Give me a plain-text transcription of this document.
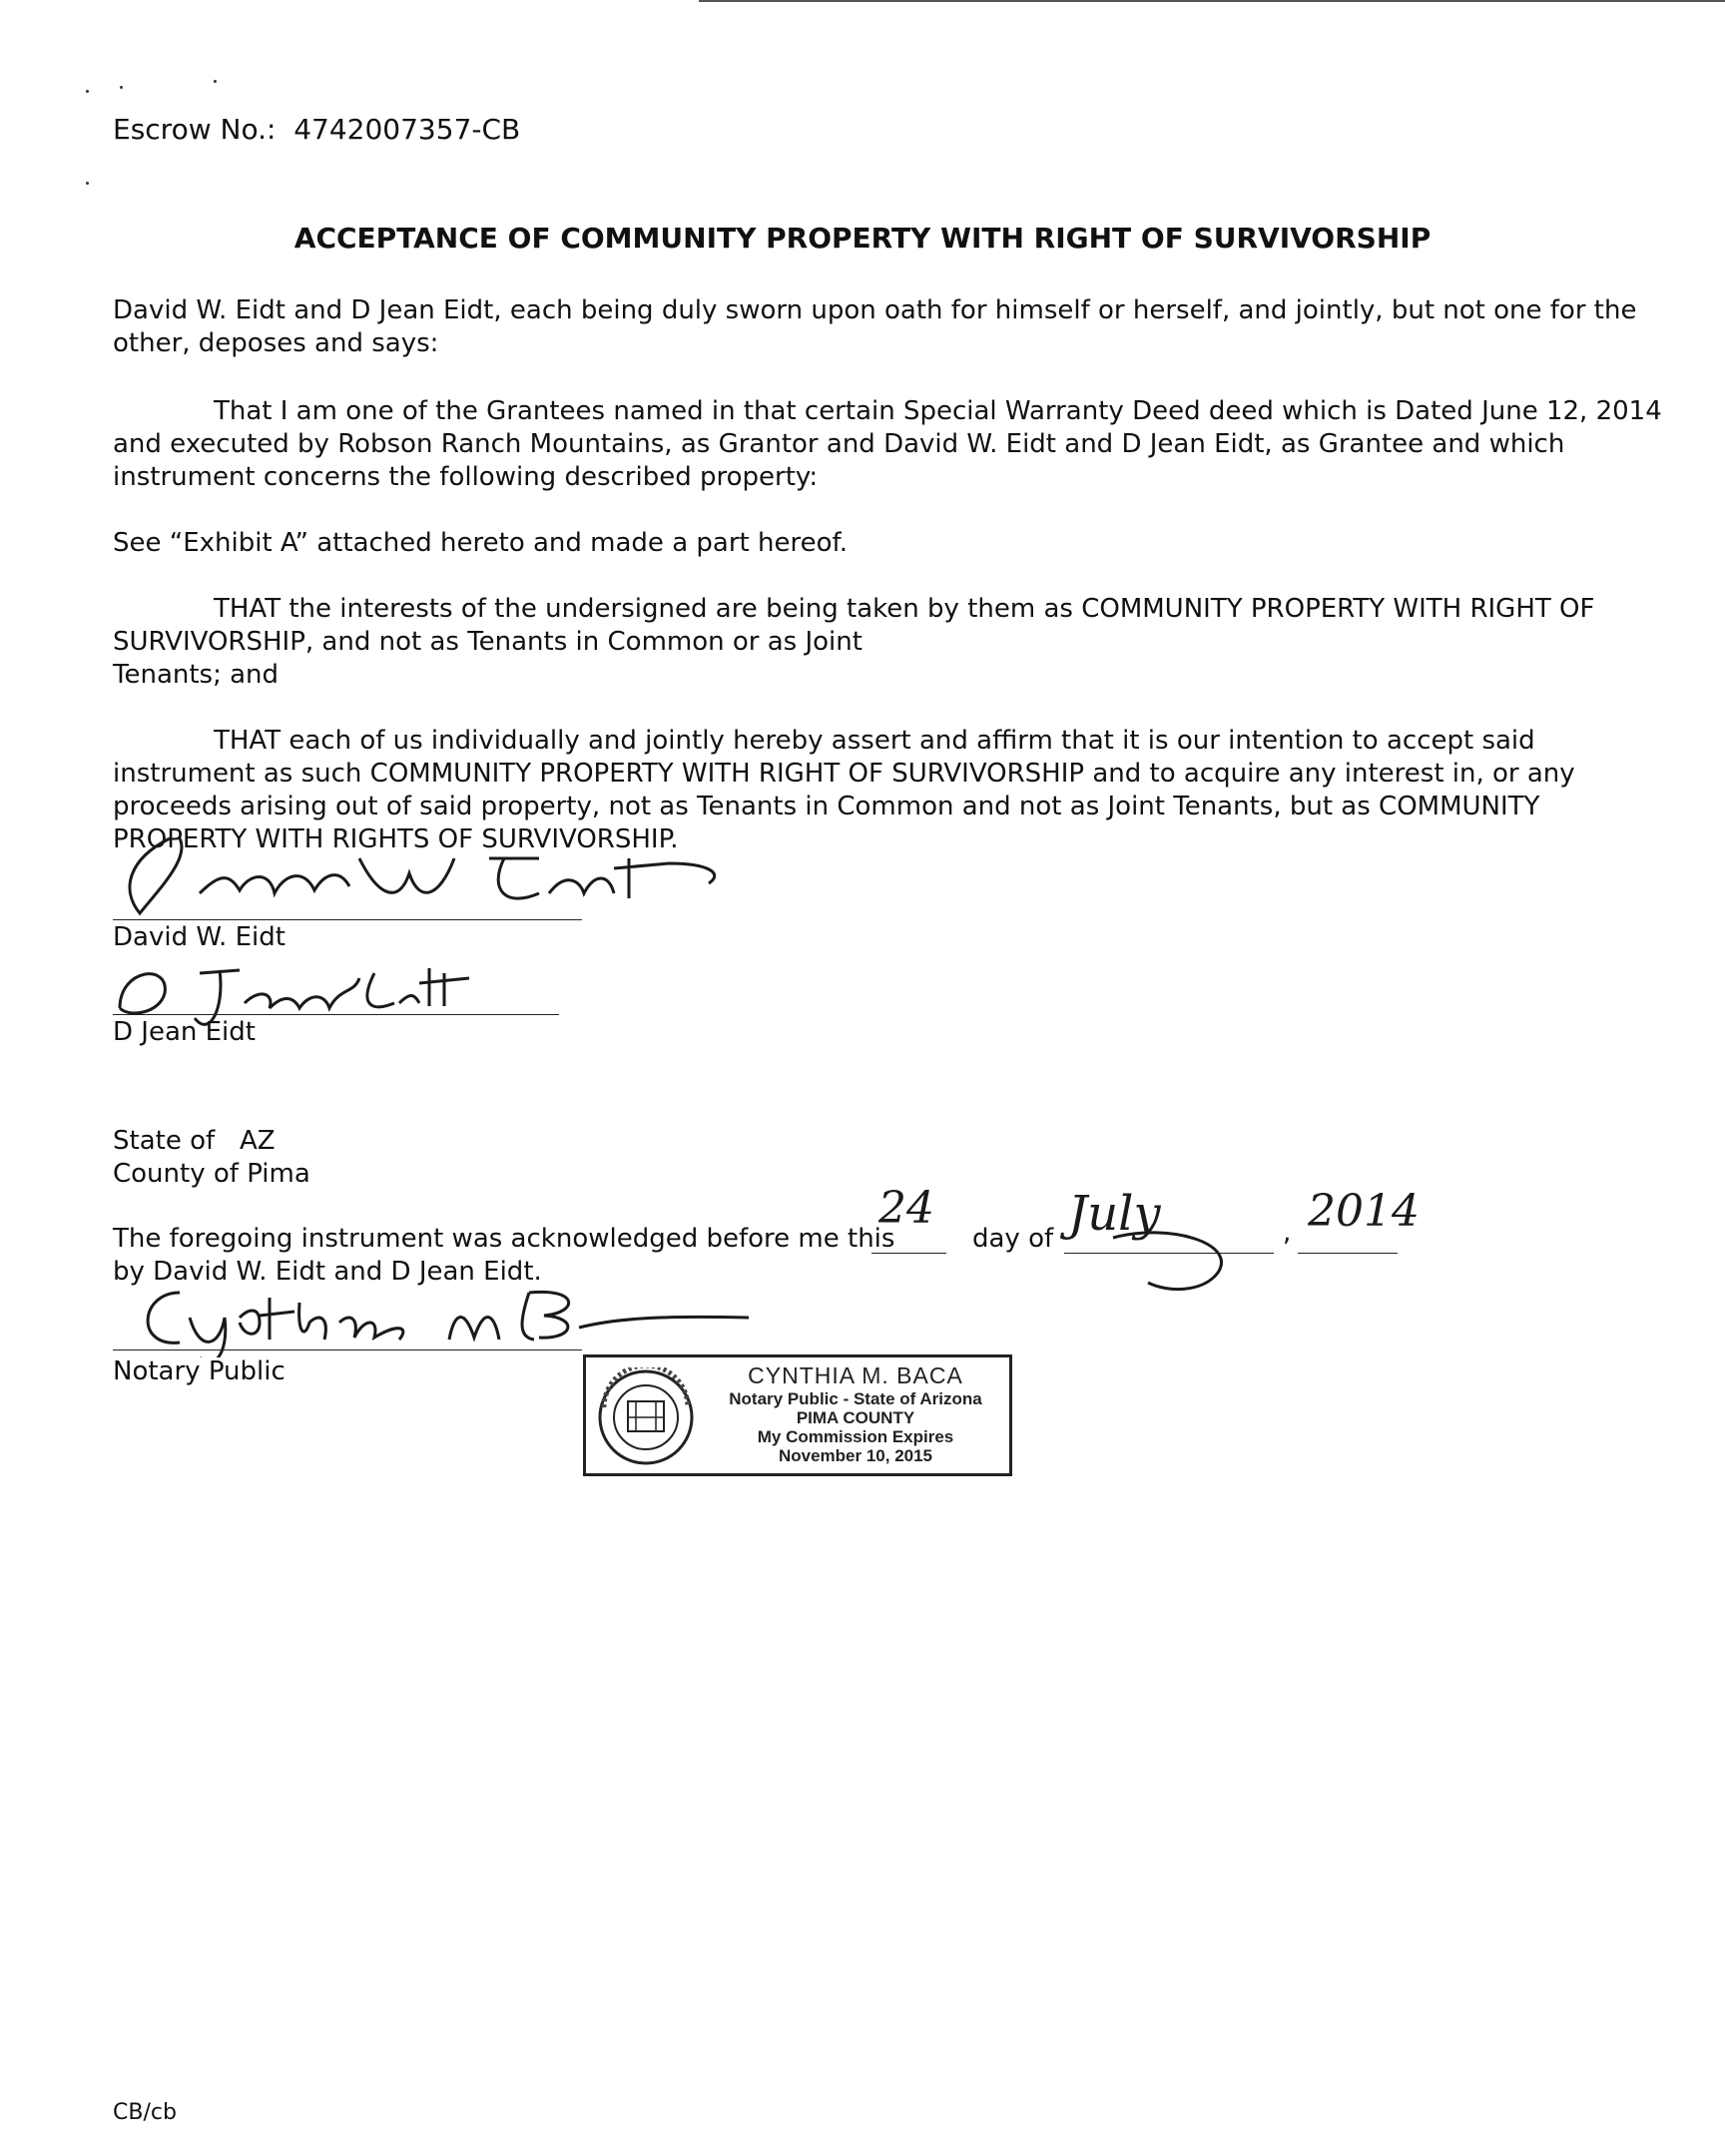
Escrow No.: 4742007357-CB
ACCEPTANCE OF COMMUNITY PROPERTY WITH RIGHT OF SURVIVORSHIP
David W. Eidt and D Jean Eidt, each being duly sworn upon oath for himself or herself, and jointly, but not one for the
other, deposes and says:
That I am one of the Grantees named in that certain Special Warranty Deed deed which is Dated June 12, 2014
and executed by Robson Ranch Mountains, as Grantor and David W. Eidt and D Jean Eidt, as Grantee and which
instrument concerns the following described property:
See “Exhibit A” attached hereto and made a part hereof.
THAT the interests of the undersigned are being taken by them as COMMUNITY PROPERTY WITH RIGHT OF
SURVIVORSHIP, and not as Tenants in Common or as Joint
Tenants; and
THAT each of us individually and jointly hereby assert and affirm that it is our intention to accept said
instrument as such COMMUNITY PROPERTY WITH RIGHT OF SURVIVORSHIP and to acquire any interest in, or any
proceeds arising out of said property, not as Tenants in Common and not as Joint Tenants, but as COMMUNITY
PROPERTY WITH RIGHTS OF SURVIVORSHIP.
David W. Eidt
D Jean Eidt
State of   AZ
County of Pima
The foregoing instrument was acknowledged before me this
24
day of July	, 2014
by David W. Eidt and D Jean Eidt.
Notary Public	CYNTHIA M. BACA
Notary Public - State of Arizona
PIMA COUNTY
My Commission Expires
November 10, 2015
CB/cb
